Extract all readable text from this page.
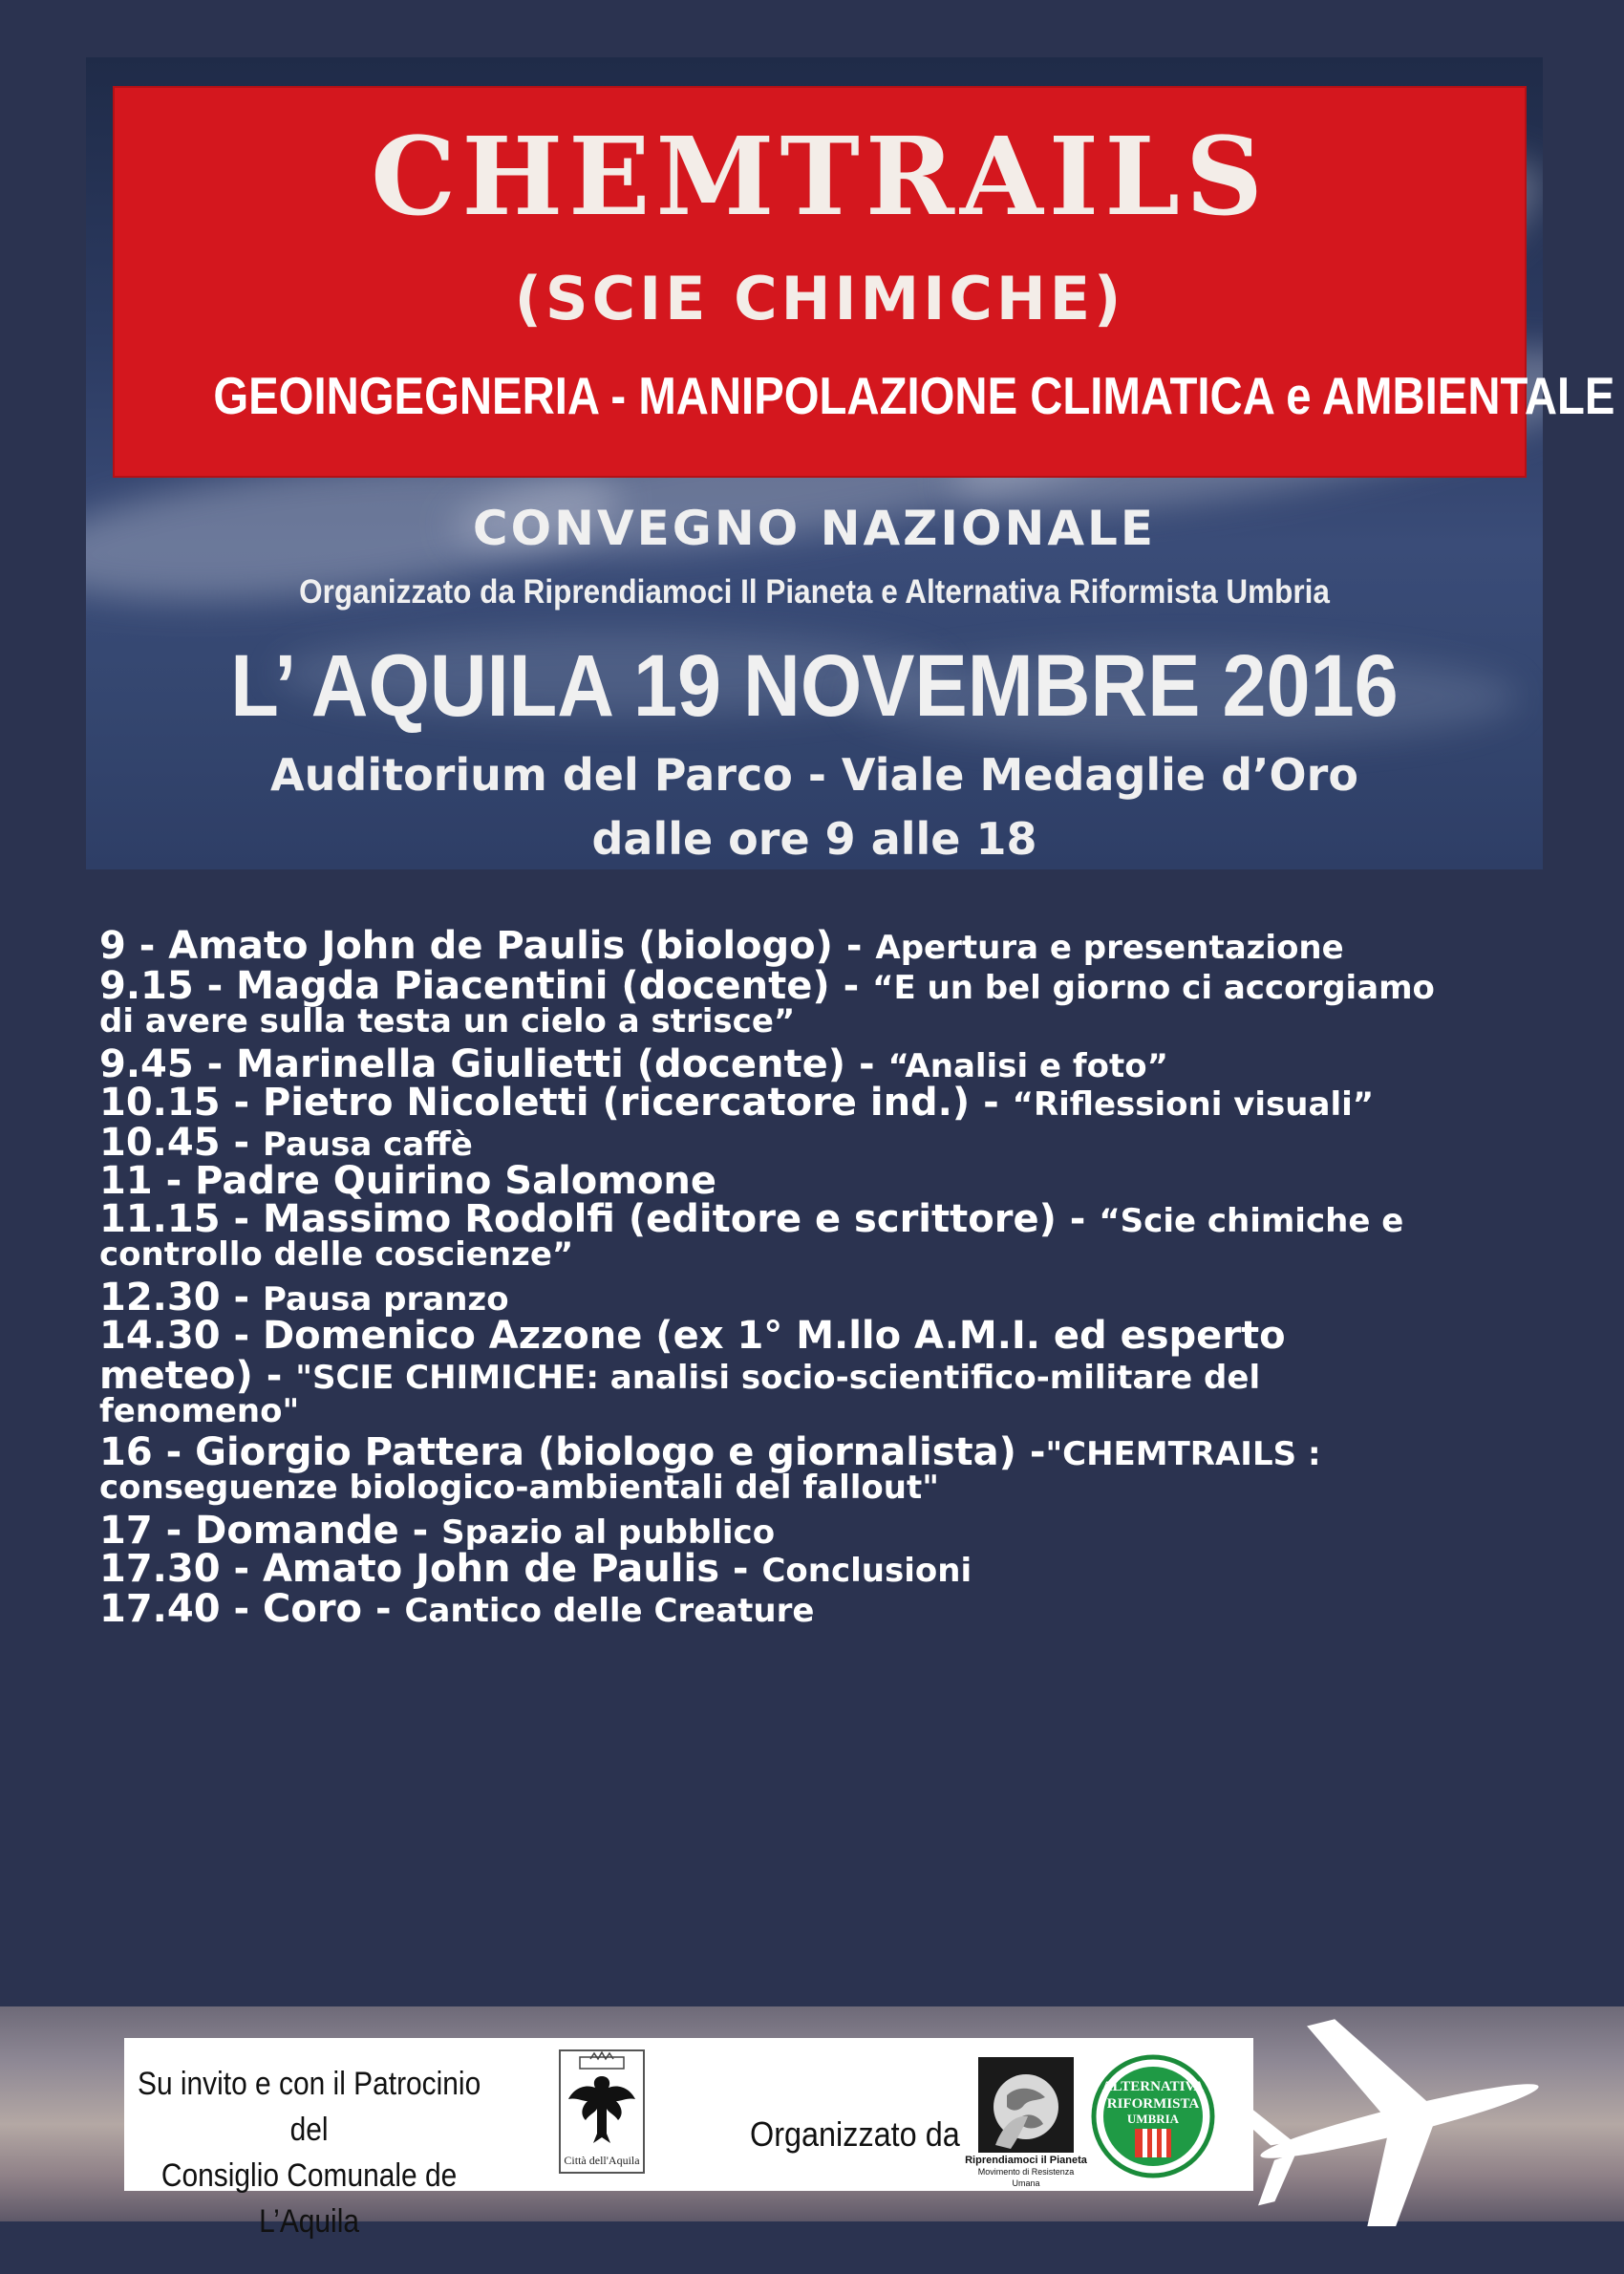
CHEMTRAILS
(SCIE CHIMICHE)
GEOINGEGNERIA - MANIPOLAZIONE CLIMATICA e AMBIENTALE
CONVEGNO NAZIONALE
Organizzato da Riprendiamoci Il Pianeta e Alternativa Riformista Umbria
L’ AQUILA 19 NOVEMBRE 2016
Auditorium del Parco - Viale Medaglie d’Oro
dalle ore 9 alle 18
9 - Amato John de Paulis (biologo) - Apertura e presentazione
9.15 - Magda Piacentini (docente) - “E un bel giorno ci accorgiamo
di avere sulla testa un cielo a strisce”
9.45 - Marinella Giulietti (docente) - “Analisi e foto”
10.15 - Pietro Nicoletti (ricercatore ind.) - “Riflessioni visuali”
10.45 - Pausa caffè
11 - Padre Quirino Salomone
11.15 - Massimo Rodolfi (editore e scrittore) - “Scie chimiche e
controllo delle coscienze”
12.30 - Pausa pranzo
14.30 - Domenico Azzone (ex 1° M.llo A.M.I. ed esperto
meteo) - "SCIE CHIMICHE: analisi socio-scientifico-militare del
fenomeno"
16 - Giorgio Pattera (biologo e giornalista) -"CHEMTRAILS :
conseguenze biologico-ambientali del fallout"
17 - Domande - Spazio al pubblico
17.30 - Amato John de Paulis - Conclusioni
17.40 - Coro - Cantico delle Creature
Su invito e con il Patrocinio del
Consiglio Comunale de L’Aquila
Città dell'Aquila
Organizzato da
Riprendiamoci il Pianeta
Movimento di Resistenza Umana
ALTERNATIVA
RIFORMISTA
UMBRIA
